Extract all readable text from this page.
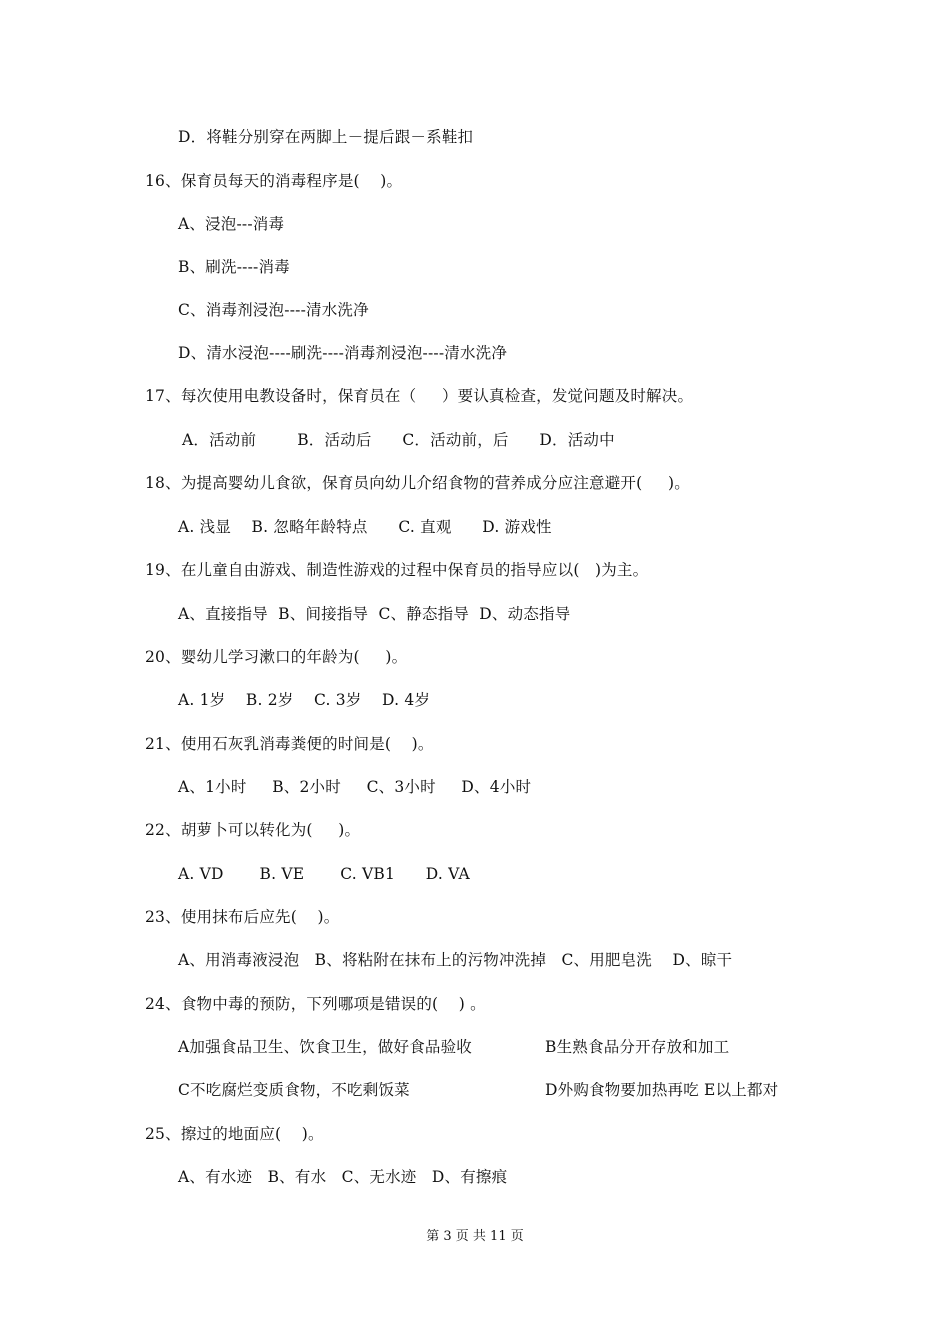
D．将鞋分别穿在两脚上－提后跟－系鞋扣
16、保育员每天的消毒程序是(    )。
A、浸泡---消毒
B、刷洗----消毒
C、消毒剂浸泡----清水洗净
D、清水浸泡----刷洗----消毒剂浸泡----清水洗净
17、每次使用电教设备时，保育员在（     ）要认真检查，发觉问题及时解决。
A．活动前        B．活动后      C．活动前，后      D．活动中
18、为提高婴幼儿食欲，保育员向幼儿介绍食物的营养成分应注意避开(     )。
A. 浅显    B. 忽略年龄特点      C. 直观      D. 游戏性
19、在儿童自由游戏、制造性游戏的过程中保育员的指导应以(   )为主。
A、直接指导  B、间接指导  C、静态指导  D、动态指导
20、婴幼儿学习漱口的年龄为(     )。
A. 1岁    B. 2岁    C. 3岁    D. 4岁
21、使用石灰乳消毒粪便的时间是(    )。
A、1小时     B、2小时     C、3小时     D、4小时
22、胡萝卜可以转化为(     )。
A. VD       B. VE       C. VB1      D. VA
23、使用抹布后应先(    )。
A、用消毒液浸泡   B、将粘附在抹布上的污物冲洗掉   C、用肥皂洗    D、晾干
24、食物中毒的预防，下列哪项是错误的(    ) 。
A加强食品卫生、饮食卫生，做好食品验收	B生熟食品分开存放和加工
C不吃腐烂变质食物，不吃剩饭菜	D外购食物要加热再吃 E以上都对
25、擦过的地面应(    )。
A、有水迹   B、有水   C、无水迹   D、有擦痕
第 3 页 共 11 页
